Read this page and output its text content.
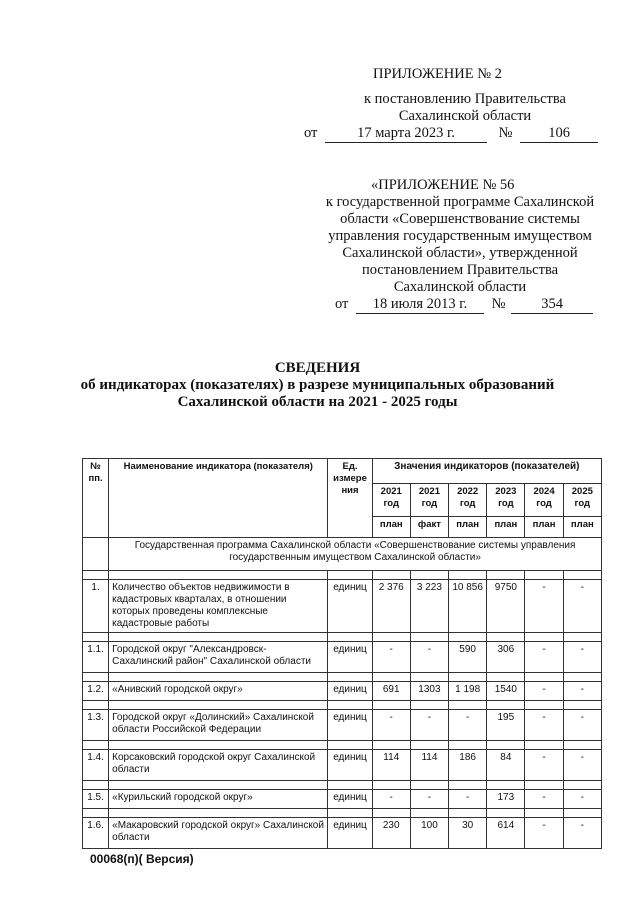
ПРИЛОЖЕНИЕ № 2
к постановлению Правительства
Сахалинской области
от	17 марта 2023 г.	№ 106
«ПРИЛОЖЕНИЕ № 56
к государственной программе Сахалинской
области «Совершенствование системы
управления государственным имуществом
Сахалинской области», утвержденной
постановлением Правительства
Сахалинской области
от 18 июля 2013 г. № 354
СВЕДЕНИЯ
об индикаторах (показателях) в разрезе муниципальных образований
Сахалинской области на 2021 - 2025 годы
№ пп.	Наименование индикатора (показателя)	Ед. измере ния	Значения индикаторов (показателей)					
			2021 год	2021 год	2022 год	2023 год	2024 год	2025 год
			план	факт	план	план	план	план
	Государственная программа Сахалинской области «Совершенствование системы управления государственным имуществом Сахалинской области»							

1.	Количество объектов недвижимости в кадастровых кварталах, в отношении которых проведены комплексные кадастровые работы	единиц	2 376	3 223	10 856	9750	-	-

1.1.	Городской округ "Александровск-Сахалинский район" Сахалинской области	единиц	-	-	590	306	-	-

1.2.	«Анивский городской округ»	единиц	691	1303	1 198	1540	-	-

1.3.	Городской округ «Долинский» Сахалинской области Российской Федерации	единиц	-	-	-	195	-	-

1.4.	Корсаковский городской округ Сахалинской области	единиц	114	114	186	84	-	-

1.5.	«Курильский городской округ»	единиц	-	-	-	173	-	-

1.6.	«Макаровский городской округ» Сахалинской области	единиц	230	100	30	614	-	-
00068(п)( Версия)
